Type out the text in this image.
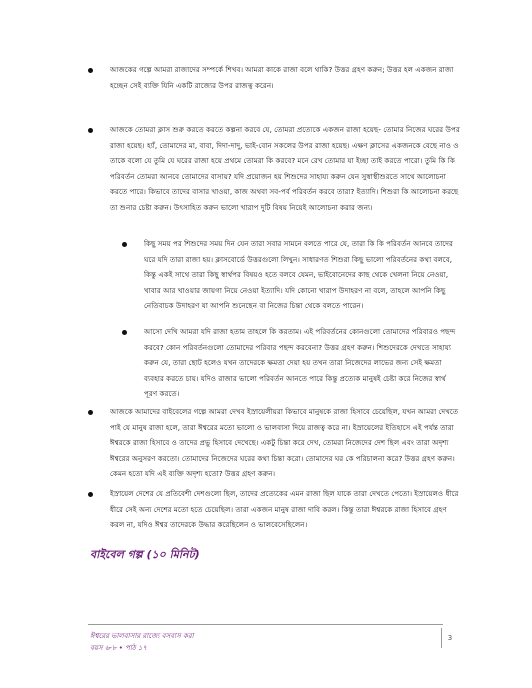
আজকের গল্পে আমরা রাজাদের সম্পর্কে শিখব। আমরা কাকে রাজা বলে থাকি? উত্তর গ্রহণ করুন; উত্তর হল একজন রাজা হচ্ছেন সেই ব্যক্তি যিনি একটি রাজ্যের উপর রাজত্ব করেন।

আজকে তোমরা ক্লাস শুরু করতে করতে কল্পনা করবে যে, তোমরা প্রত্যেকে একজন রাজা হয়েছ- তোমার নিজের ঘরের উপর রাজা হয়েছ। হ্যাঁ, তোমাদের মা, বাবা, দিদা-দাদু, ভাই-বোন সকলের উপর রাজা হয়েছ। এক্ষণ ক্লাসের একজনকে বেছে নাও ও তাকে বলো যে তুমি যে ঘরের রাজা হয়ে প্রথমে তোমরা কি করবে? মনে রেখ তোমার যা ইচ্ছা তাই করতে পারো। তুমি কি কি পরিবর্তন তোমরা আনবে তোমাদের বাসায়? যদি প্রয়োজন হয় শিশুদের সাহায্য করুন যেন সুস্বাস্থীশুরতে সাথে আলোচনা করতে পারে। কিভাবে তাদের বাসার খাওয়া, কাজ অথবা সব-পর্ব পরিবর্তন করবে তারা? ইত্যাদি। শিশুরা কি আলোচনা করছে তা শুনার চেষ্টা করুন। উৎসাহিত করুন ভালো খারাপ দুটি বিষয় নিয়েই আলোচনা করার জন্য।

কিছু সময় পর শিশুদের সময় দিন যেন তারা সবার সামনে বলতে পারে যে, তারা কি কি পরিবর্তন আনবে তাদের ঘরে যদি তারা রাজা হয়। ক্লাসবোর্ডে উত্তরগুলো লিখুন। সাধারণত শিশুরা কিছু ভালো পরিবর্তনের কথা বলবে, কিন্তু একই সাথে তারা কিছু স্বার্থপর বিষয়ও হতে বলবে যেমন, ভাইবোনেদের কাছ থেকে খেলনা নিয়ে নেওয়া, খাবার আর খাওয়ার জায়গা নিয়ে নেওয়া ইত্যাদি। যদি কোনো খারাপ উদাহরণ না বলে, তাহলে আপনি কিছু নেতিবাচক উদাহরণ যা আপনি শুনেছেন বা নিজের চিন্তা থেকে বলতে পারেন।

আসো দেখি আমরা যদি রাজা হতাম তাহলে কি করতাম। এই পরিবর্তনের কোনগুলো তোমাদের পরিবারও পছন্দ করবে? কোন পরিবর্তনগুলো তোমাদের পরিবার পছন্দ করবেনা? উত্তর গ্রহণ করুন। শিশুদেরকে দেখতে সাহায্য করুন যে, তারা ছোট হলেও যখন তাদেরকে ক্ষমতা দেয়া হয় তখন তারা নিজেদের লাভের জন্য সেই ক্ষমতা ব্যবহার করতে চায়। যদিও রাজার ভালো পরিবর্তন আনতে পারে কিন্তু প্রত্যেক মানুষই চেষ্টা করে নিজের স্বার্থ পূরণ করতে।

আজকে আমাদের বাইবেলের গল্পে আমরা দেখব ইস্রায়েলীয়রা কিভাবে মানুষকে রাজা হিসাবে চেয়েছিল, যখন আমরা দেখতে পাই যে মানুষ রাজা হলে, তারা ঈশ্বরের মতো ভালো ও ভালবাসা দিয়ে রাজত্ব করে না। ইস্রায়েলের ইতিহাসে এই পর্যন্ত তারা ঈশ্বরকে রাজা হিসাবে ও তাদের প্রভু হিসাবে দেখেছে। একটু চিন্তা করে দেখ, তোমরা নিজেদের দেশ ছিল এবং তারা অদৃশ্য ঈশ্বরের অনুসরণ করতো। তোমাদের নিজেদের ঘরের কথা চিন্তা করো। তোমাদের ঘর কে পরিচালনা করে? উত্তর গ্রহণ করুন। কেমন হতো যদি এই ব্যক্তি অদৃশ্য হতো? উত্তর গ্রহণ করুন।

ইস্রায়েল দেশের যে প্রতিবেশী দেশগুলো ছিল, তাদের প্রত্যেকের এমন রাজা ছিল যাকে তারা দেখতে পেতো। ইস্রায়েলও ধীরে ধীরে সেই অন্য দেশের মতো হতে চেয়েছিল। তারা একজন মানুষ রাজা দাবি করল। কিন্তু তারা ঈশ্বরকে রাজা হিসাবে গ্রহণ করল না, যদিও ঈশ্বর তাদেরকে উদ্ধার করেছিলেন ও ভালবেসেছিলেন।

বাইবেল গল্প (১০ মিনিট)
ঈশ্বরের ভালবাসার রাজ্যে বসবাস করা
বয়স ৬-৮ • পাঠ ১৭
3
